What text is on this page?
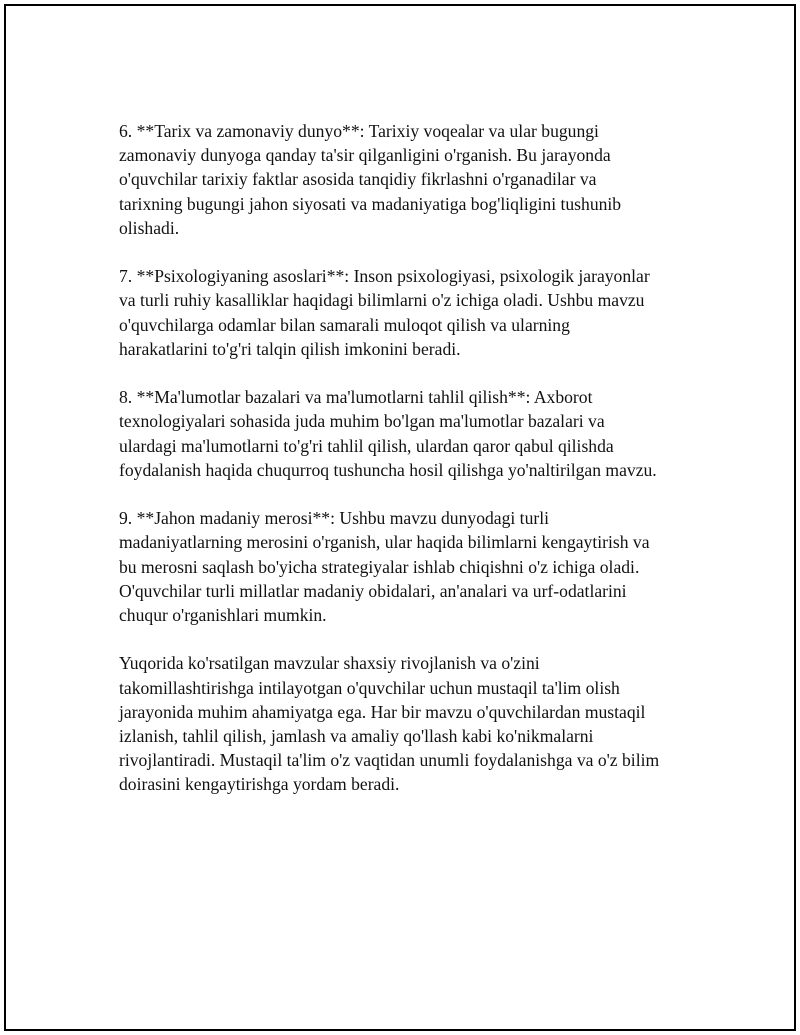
6. **Tarix va zamonaviy dunyo**: Tarixiy voqealar va ular bugungi
zamonaviy dunyoga qanday ta'sir qilganligini o'rganish. Bu jarayonda
o'quvchilar tarixiy faktlar asosida tanqidiy fikrlashni o'rganadilar va
tarixning bugungi jahon siyosati va madaniyatiga bog'liqligini tushunib
olishadi.

7. **Psixologiyaning asoslari**: Inson psixologiyasi, psixologik jarayonlar
va turli ruhiy kasalliklar haqidagi bilimlarni o'z ichiga oladi. Ushbu mavzu
o'quvchilarga odamlar bilan samarali muloqot qilish va ularning
harakatlarini to'g'ri talqin qilish imkonini beradi.

8. **Ma'lumotlar bazalari va ma'lumotlarni tahlil qilish**: Axborot
texnologiyalari sohasida juda muhim bo'lgan ma'lumotlar bazalari va
ulardagi ma'lumotlarni to'g'ri tahlil qilish, ulardan qaror qabul qilishda
foydalanish haqida chuqurroq tushuncha hosil qilishga yo'naltirilgan mavzu.

9. **Jahon madaniy merosi**: Ushbu mavzu dunyodagi turli
madaniyatlarning merosini o'rganish, ular haqida bilimlarni kengaytirish va
bu merosni saqlash bo'yicha strategiyalar ishlab chiqishni o'z ichiga oladi.
O'quvchilar turli millatlar madaniy obidalari, an'analari va urf-odatlarini
chuqur o'rganishlari mumkin.

Yuqorida ko'rsatilgan mavzular shaxsiy rivojlanish va o'zini
takomillashtirishga intilayotgan o'quvchilar uchun mustaqil ta'lim olish
jarayonida muhim ahamiyatga ega. Har bir mavzu o'quvchilardan mustaqil
izlanish, tahlil qilish, jamlash va amaliy qo'llash kabi ko'nikmalarni
rivojlantiradi. Mustaqil ta'lim o'z vaqtidan unumli foydalanishga va o'z bilim
doirasini kengaytirishga yordam beradi.
